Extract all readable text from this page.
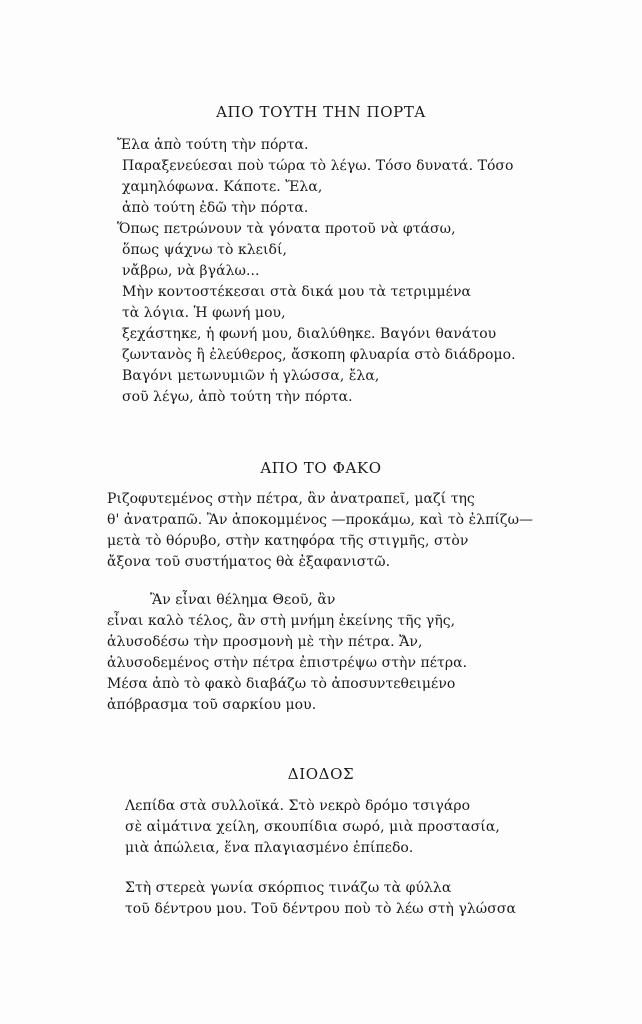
ΑΠΟ ΤΟΥΤΗ ΤΗΝ ΠΟΡΤΑ
Ἔλα ἀπὸ τούτη τὴν πόρτα.
Παραξενεύεσαι ποὺ τώρα τὸ λέγω. Τόσο δυνατά. Τόσο
χαμηλόφωνα. Κάποτε. Ἔλα,
ἀπὸ τούτη ἐδῶ τὴν πόρτα.
Ὅπως πετρώνουν τὰ γόνατα προτοῦ νὰ φτάσω,
ὅπως ψάχνω τὸ κλειδί,
νἄβρω, νὰ βγάλω...
Μὴν κοντοστέκεσαι στὰ δικά μου τὰ τετριμμένα
τὰ λόγια. Ἡ φωνή μου,
ξεχάστηκε, ἡ φωνή μου, διαλύθηκε. Βαγόνι θανάτου
ζωντανὸς ἢ ἐλεύθερος, ἄσκοπη φλυαρία στὸ διάδρομο.
Βαγόνι μετωνυμιῶν ἡ γλώσσα, ἔλα,
σοῦ λέγω, ἀπὸ τούτη τὴν πόρτα.
ΑΠΟ ΤΟ ΦΑΚΟ
Ριζοφυτεμένος στὴν πέτρα, ἂν ἀνατραπεῖ, μαζί της
θ' ἀνατραπῶ. Ἂν ἀποκομμένος —προκάμω, καὶ τὸ ἐλπίζω—
μετὰ τὸ θόρυβο, στὴν κατηφόρα τῆς στιγμῆς, στὸν
ἄξονα τοῦ συστήματος θὰ ἐξαφανιστῶ.
Ἂν εἶναι θέλημα Θεοῦ, ἂν
εἶναι καλὸ τέλος, ἂν στὴ μνήμη ἐκείνης τῆς γῆς,
ἁλυσοδέσω τὴν προσμονὴ μὲ τὴν πέτρα. Ἄν,
ἁλυσοδεμένος στὴν πέτρα ἐπιστρέψω στὴν πέτρα.
Μέσα ἀπὸ τὸ φακὸ διαβάζω τὸ ἀποσυντεθειμένο
ἀπόβρασμα τοῦ σαρκίου μου.
ΔΙΟΔΟΣ
Λεπίδα στὰ συλλοϊκά. Στὸ νεκρὸ δρόμο τσιγάρο
σὲ αἱμάτινα χείλη, σκουπίδια σωρό, μιὰ προστασία,
μιὰ ἀπώλεια, ἕνα πλαγιασμένο ἐπίπεδο.
Στὴ στερεὰ γωνία σκόρπιος τινάζω τὰ φύλλα
τοῦ δέντρου μου. Τοῦ δέντρου ποὺ τὸ λέω στὴ γλώσσα
